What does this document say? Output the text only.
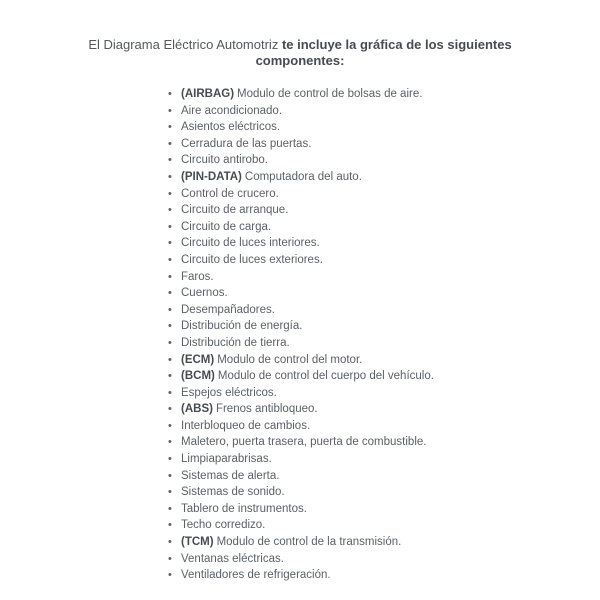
El Diagrama Eléctrico Automotriz te incluye la gráfica de los siguientes componentes:
• (AIRBAG) Modulo de control de bolsas de aire.
• Aire acondicionado.
• Asientos eléctricos.
• Cerradura de las puertas.
• Circuito antirobo.
• (PIN-DATA) Computadora del auto.
• Control de crucero.
• Circuito de arranque.
• Circuito de carga.
• Circuito de luces interiores.
• Circuito de luces exteriores.
• Faros.
• Cuernos.
• Desempañadores.
• Distribución de energía.
• Distribución de tierra.
• (ECM) Modulo de control del motor.
• (BCM) Modulo de control del cuerpo del vehículo.
• Espejos eléctricos.
• (ABS) Frenos antibloqueo.
• Interbloqueo de cambios.
• Maletero, puerta trasera, puerta de combustible.
• Limpiaparabrisas.
• Sistemas de alerta.
• Sistemas de sonido.
• Tablero de instrumentos.
• Techo corredizo.
• (TCM) Modulo de control de la transmisión.
• Ventanas eléctricas.
• Ventiladores de refrigeración.
